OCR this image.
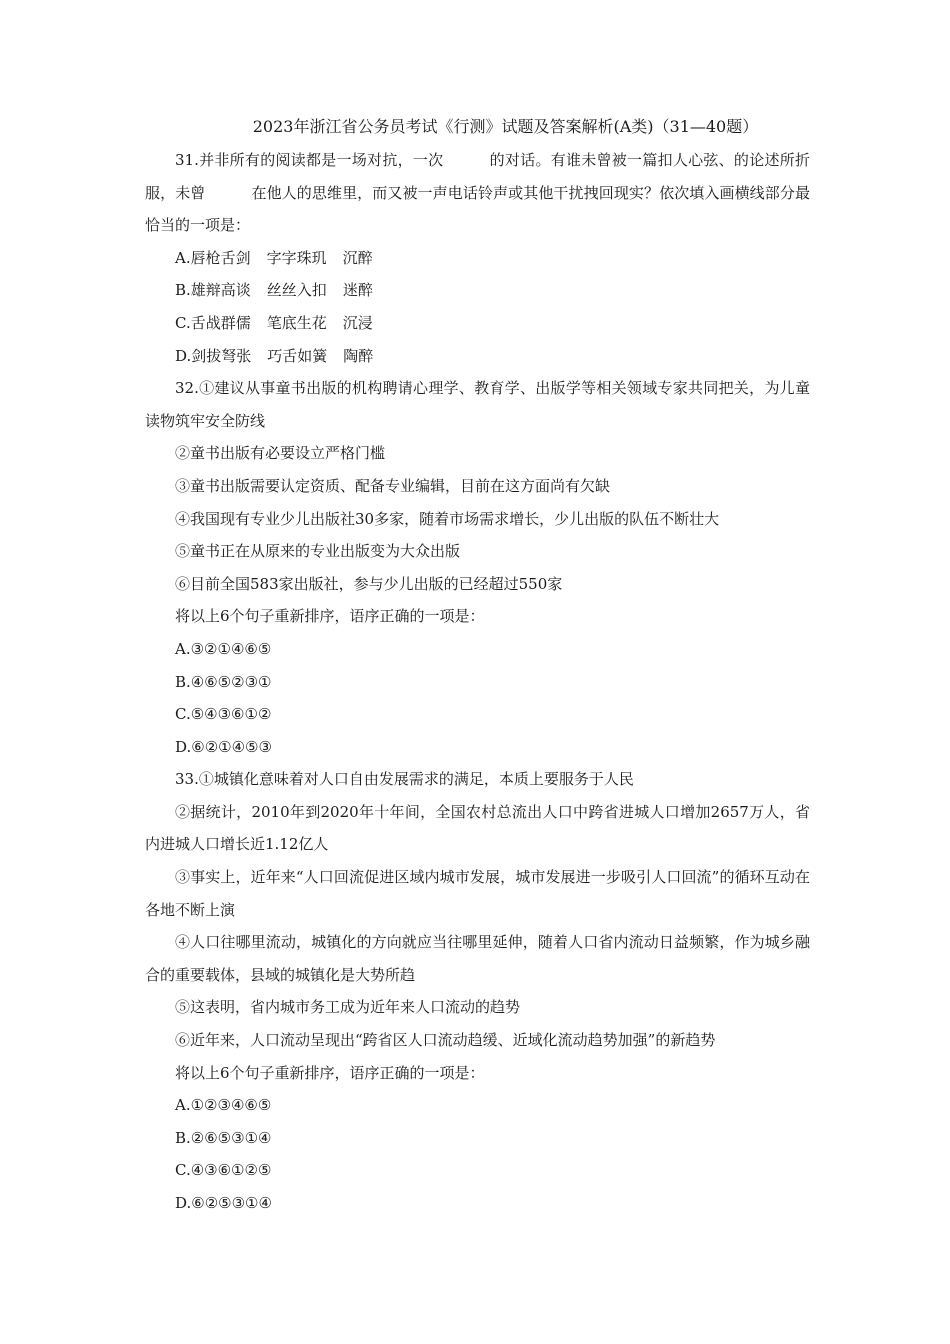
2023年浙江省公务员考试《行测》试题及答案解析(A类)（31—40题）
31.并非所有的阅读都是一场对抗，一次	的对话。有谁未曾被一篇扣人心弦、的论述所折服，未曾	在他人的思维里，而又被一声电话铃声或其他干扰拽回现实？依次填入画横线部分最恰当的一项是：
A.唇枪舌剑 字字珠玑 沉醉
B.雄辩高谈 丝丝入扣 迷醉
C.舌战群儒 笔底生花 沉浸
D.剑拔弩张 巧舌如簧 陶醉
32.①建议从事童书出版的机构聘请心理学、教育学、出版学等相关领域专家共同把关，为儿童读物筑牢安全防线
②童书出版有必要设立严格门槛
③童书出版需要认定资质、配备专业编辑，目前在这方面尚有欠缺
④我国现有专业少儿出版社30多家，随着市场需求增长，少儿出版的队伍不断壮大
⑤童书正在从原来的专业出版变为大众出版
⑥目前全国583家出版社，参与少儿出版的已经超过550家
将以上6个句子重新排序，语序正确的一项是：
A.③②①④⑥⑤
B.④⑥⑤②③①
C.⑤④③⑥①②
D.⑥②①④⑤③
33.①城镇化意味着对人口自由发展需求的满足，本质上要服务于人民
②据统计，2010年到2020年十年间，全国农村总流出人口中跨省进城人口增加2657万人，省内进城人口增长近1.12亿人
③事实上，近年来“人口回流促进区域内城市发展，城市发展进一步吸引人口回流”的循环互动在各地不断上演
④人口往哪里流动，城镇化的方向就应当往哪里延伸，随着人口省内流动日益频繁，作为城乡融合的重要载体，县域的城镇化是大势所趋
⑤这表明，省内城市务工成为近年来人口流动的趋势
⑥近年来，人口流动呈现出“跨省区人口流动趋缓、近域化流动趋势加强”的新趋势
将以上6个句子重新排序，语序正确的一项是：
A.①②③④⑥⑤
B.②⑥⑤③①④
C.④③⑥①②⑤
D.⑥②⑤③①④
